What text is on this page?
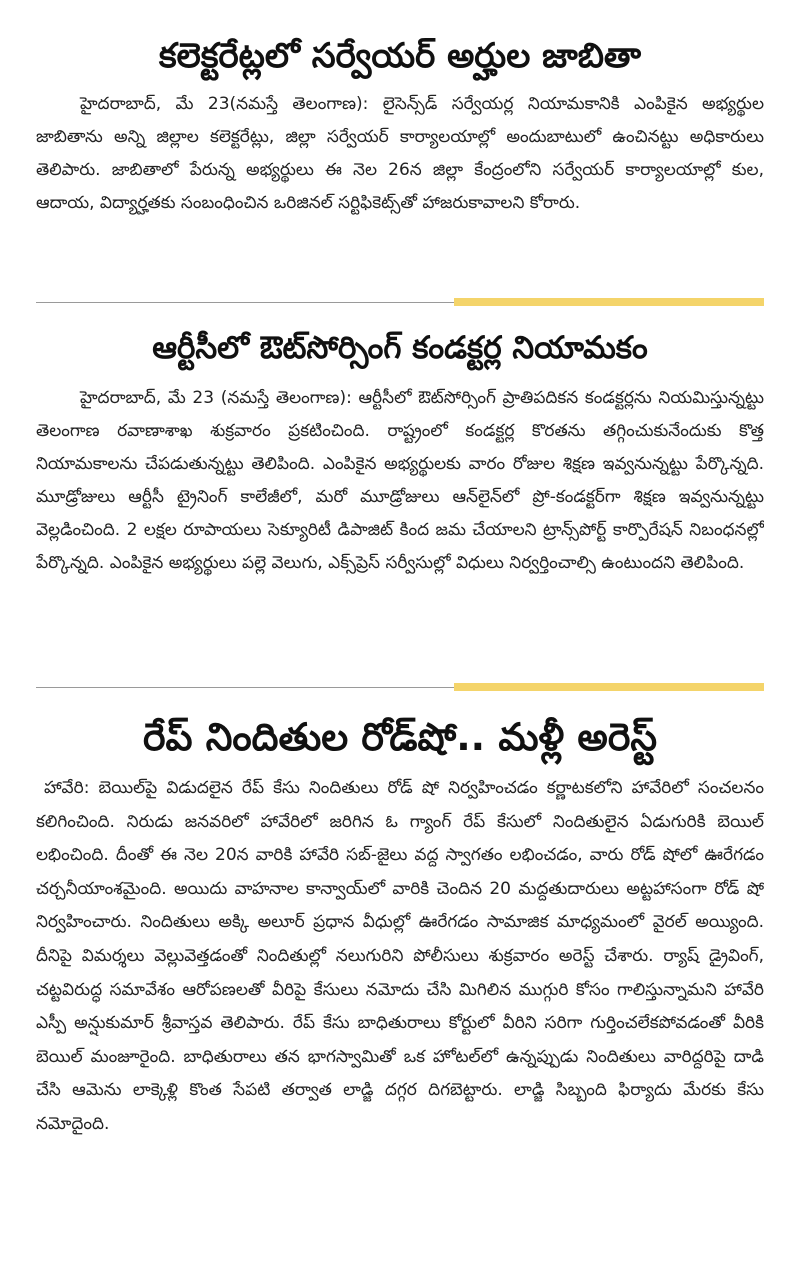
కలెక్టరేట్లలో సర్వేయర్ అర్హుల జాబితా

హైదరాబాద్, మే 23(నమస్తే తెలంగాణ): లైసెన్స్‌డ్ సర్వేయర్ల నియామకానికి ఎంపికైన అభ్యర్థుల జాబితాను అన్ని జిల్లాల కలెక్టరేట్లు, జిల్లా సర్వేయర్ కార్యాలయాల్లో అందుబాటులో ఉంచినట్టు అధికారులు తెలిపారు. జాబితాలో పేరున్న అభ్యర్థులు ఈ నెల 26న జిల్లా కేంద్రంలోని సర్వేయర్ కార్యాలయాల్లో కుల, ఆదాయ, విద్యార్హతకు సంబంధించిన ఒరిజినల్ సర్టిఫికెట్స్‌తో హాజరుకావాలని కోరారు.

ఆర్టీసీలో ఔట్‌సోర్సింగ్ కండక్టర్ల నియామకం

హైదరాబాద్, మే 23 (నమస్తే తెలంగాణ): ఆర్టీసీలో ఔట్‌సోర్సింగ్ ప్రాతిపదికన కండక్టర్లను నియమిస్తున్నట్టు తెలంగాణ రవాణాశాఖ శుక్రవారం ప్రకటించింది. రాష్ట్రంలో కండక్టర్ల కొరతను తగ్గించుకునేందుకు కొత్త నియామకాలను చేపడుతున్నట్టు తెలిపింది. ఎంపికైన అభ్యర్థులకు వారం రోజుల శిక్షణ ఇవ్వనున్నట్టు పేర్కొన్నది. మూడ్రోజులు ఆర్టీసీ ట్రైనింగ్ కాలేజీలో, మరో మూడ్రోజులు ఆన్‌లైన్‌లో ప్రో-కండక్టర్‌గా శిక్షణ ఇవ్వనున్నట్టు వెల్లడించింది. 2 లక్షల రూపాయలు సెక్యూరిటీ డిపాజిట్ కింద జమ చేయాలని ట్రాన్స్‌పోర్ట్ కార్పొరేషన్ నిబంధనల్లో పేర్కొన్నది. ఎంపికైన అభ్యర్థులు పల్లె వెలుగు, ఎక్స్‌ప్రెస్ సర్వీసుల్లో విధులు నిర్వర్తించాల్సి ఉంటుందని తెలిపింది.

రేప్ నిందితుల రోడ్‌షో.. మళ్లీ అరెస్ట్

హావేరి: బెయిల్‌పై విడుదలైన రేప్ కేసు నిందితులు రోడ్ షో నిర్వహించడం కర్ణాటకలోని హావేరిలో సంచలనం కలిగించింది. నిరుడు జనవరిలో హావేరిలో జరిగిన ఓ గ్యాంగ్ రేప్ కేసులో నిందితులైన ఏడుగురికి బెయిల్ లభించింది. దీంతో ఈ నెల 20న వారికి హావేరి సబ్-జైలు వద్ద స్వాగతం లభించడం, వారు రోడ్ షోలో ఊరేగడం చర్చనీయాంశమైంది. అయిదు వాహనాల కాన్వాయ్‌లో వారికి చెందిన 20 మద్దతుదారులు అట్టహాసంగా రోడ్ షో నిర్వహించారు. నిందితులు అక్కి అలూర్ ప్రధాన వీధుల్లో ఊరేగడం సామాజిక మాధ్యమంలో వైరల్ అయ్యింది. దీనిపై విమర్శలు వెల్లువెత్తడంతో నిందితుల్లో నలుగురిని పోలీసులు శుక్రవారం అరెస్ట్ చేశారు. ర్యాష్ డ్రైవింగ్, చట్టవిరుద్ధ సమావేశం ఆరోపణలతో వీరిపై కేసులు నమోదు చేసి మిగిలిన ముగ్గురి కోసం గాలిస్తున్నామని హావేరి ఎస్పీ అన్షుకుమార్ శ్రీవాస్తవ తెలిపారు. రేప్ కేసు బాధితురాలు కోర్టులో వీరిని సరిగా గుర్తించలేకపోవడంతో వీరికి బెయిల్ మంజూరైంది. బాధితురాలు తన భాగస్వామితో ఒక హోటల్‌లో ఉన్నప్పుడు నిందితులు వారిద్దరిపై దాడి చేసి ఆమెను లాక్కెళ్లి కొంత సేపటి తర్వాత లాడ్జి దగ్గర దిగబెట్టారు. లాడ్జి సిబ్బంది ఫిర్యాదు మేరకు కేసు నమోదైంది.
